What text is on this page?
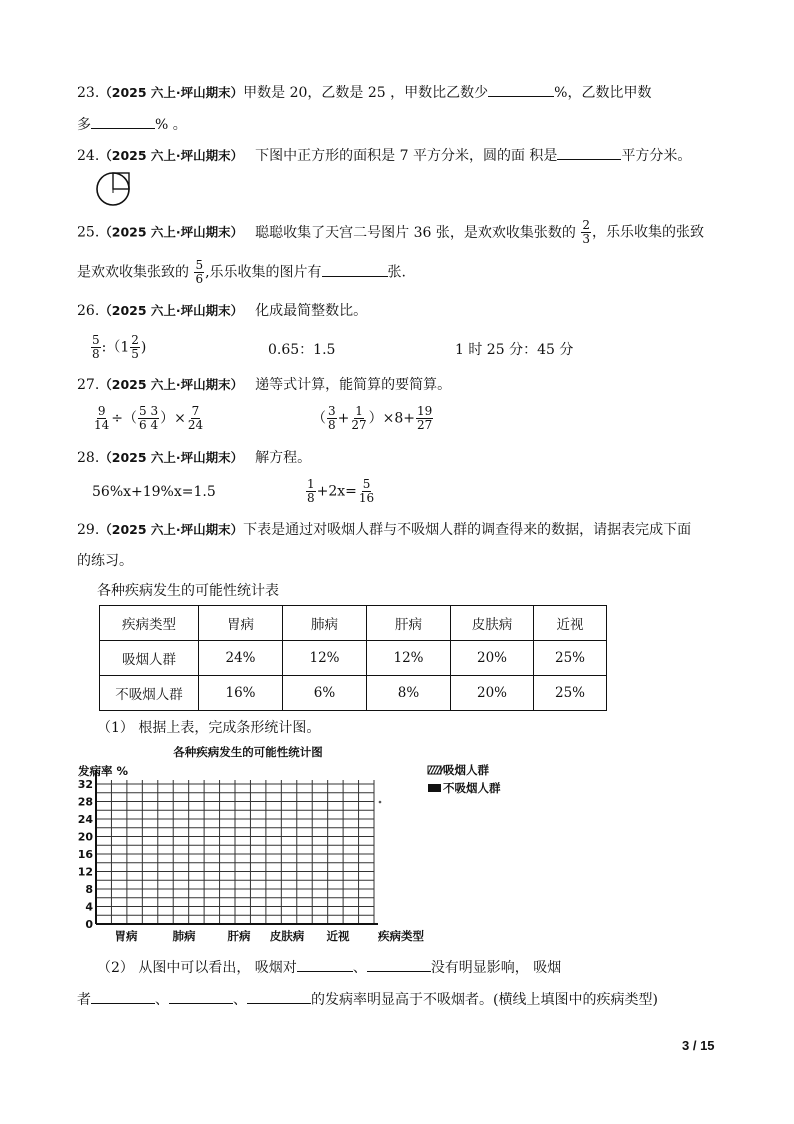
23.（2025 六上·坪山期末）甲数是 20，乙数是 25 ，甲数比乙数少	%，乙数比甲数
多	% 。
24.（2025 六上·坪山期末） 下图中正方形的面积是 7 平方分米，圆的面 积是	平方分米。
25.（2025 六上·坪山期末） 聪聪收集了天宫二号图片 36 张，是欢欢收集张数的 $\frac{2}{3}$ ，乐乐收集的张致
是欢欢收集张致的 $\frac{5}{6}$ ,乐乐收集的图片有	张.
26.（2025 六上·坪山期末） 化成最简整数比。
$\frac{5}{8}$ :（1 $\frac{2}{5}$ )	0.65：1.5	1 时 25 分：45 分
27.（2025 六上·坪山期末） 递等式计算，能简算的要简算。
$\frac{9}{14}$ ÷（ $\frac{5 3}{6 4}$ ）× $\frac{7}{24}$	（ $\frac{3}{8} + \frac{1}{27} )\times 8+ \frac{19}{27}$
28.（2025 六上·坪山期末） 解方程。
56%x+19%x=1.5	$\frac{1}{8} +2x= \frac{5}{16}$
29.（2025 六上·坪山期末）下表是通过对吸烟人群与不吸烟人群的调查得来的数据，请据表完成下面
的练习。
各种疾病发生的可能性统计表
疾病类型	胃病	肺病	肝病	皮肤病	近视
吸烟人群	24%	12%	12%	20%	25%
不吸烟人群	16%	6%	8%	20%	25%
（1） 根据上表，完成条形统计图。
各种疾病发生的可能性统计图
发病率 %
疾病类型
0
4
8
12
16
20
24
28
32
胃病	肺病	肝病 皮肤病 近视
吸烟人群
不吸烟人群
（2） 从图中可以看出， 吸烟对	、	没有明显影响， 吸烟
者	、	、	的发病率明显高于不吸烟者。(横线上填图中的疾病类型)
3 / 15
